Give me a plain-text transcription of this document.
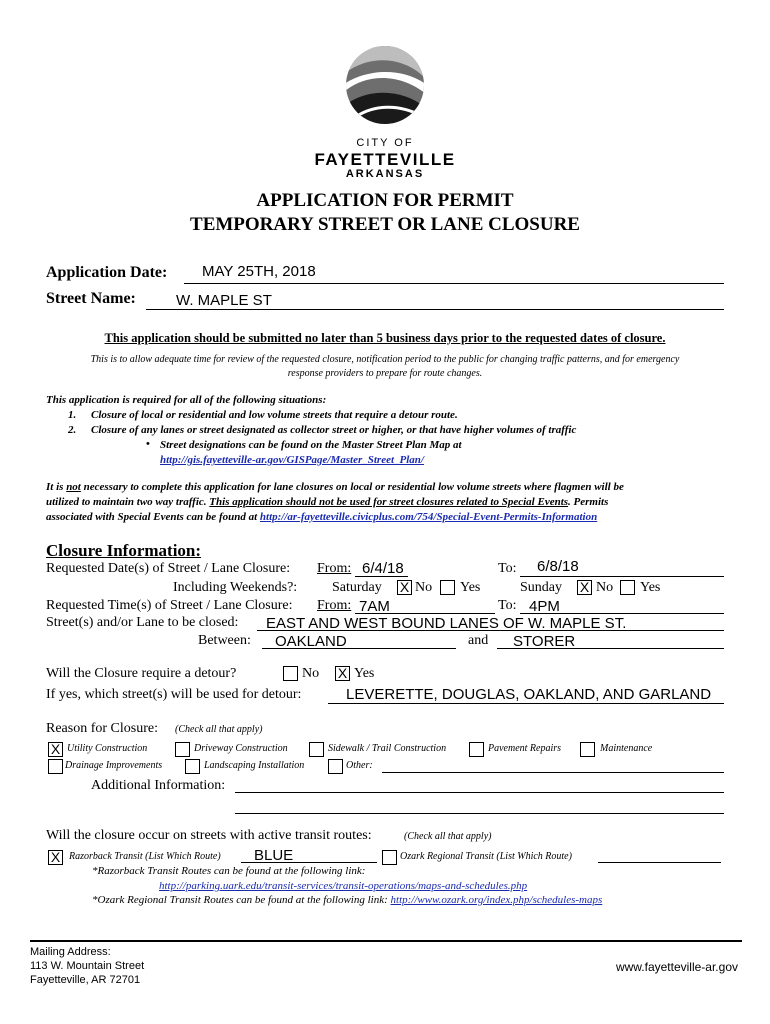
CITY OF
FAYETTEVILLE
ARKANSAS
APPLICATION FOR PERMIT
TEMPORARY STREET OR LANE CLOSURE
Application Date: MAY 25TH, 2018
Street Name:	W. MAPLE ST
This application should be submitted no later than 5 business days prior to the requested dates of closure.
This is to allow adequate time for review of the requested closure, notification period to the public for changing traffic patterns, and for emergency
response providers to prepare for route changes.
This application is required for all of the following situations:
1. Closure of local or residential and low volume streets that require a detour route.
2. Closure of any lanes or street designated as collector street or higher, or that have higher volumes of traffic
• Street designations can be found on the Master Street Plan Map at
http://gis.fayetteville-ar.gov/GISPage/Master_Street_Plan/
It is not necessary to complete this application for lane closures on local or residential low volume streets where flagmen will be
utilized to maintain two way traffic. This application should not be used for street closures related to Special Events. Permits
associated with Special Events can be found at http://ar-fayetteville.civicplus.com/754/Special-Event-Permits-Information
Closure Information:
Requested Date(s) of Street / Lane Closure: From: 6/4/18	To: 6/8/18
Including Weekends?: Saturday X No Yes	Sunday X No Yes
Requested Time(s) of Street / Lane Closure: From: 7AM	To: 4PM
Street(s) and/or Lane to be closed: EAST AND WEST BOUND LANES OF W. MAPLE ST.
Between: OAKLAND	and STORER
Will the Closure require a detour?	No X Yes
If yes, which street(s) will be used for detour:	LEVERETTE, DOUGLAS, OAKLAND, AND GARLAND
Reason for Closure: (Check all that apply)
X Utility Construction	Driveway Construction	Sidewalk / Trail Construction	Pavement Repairs	Maintenance
Drainage Improvements	Landscaping Installation	Other:
Additional Information:
Will the closure occur on streets with active transit routes:	(Check all that apply)
X Razorback Transit (List Which Route) BLUE	Ozark Regional Transit (List Which Route)
*Razorback Transit Routes can be found at the following link:
http://parking.uark.edu/transit-services/transit-operations/maps-and-schedules.php
*Ozark Regional Transit Routes can be found at the following link: http://www.ozark.org/index.php/schedules-maps
Mailing Address:
113 W. Mountain Street
Fayetteville, AR 72701
www.fayetteville-ar.gov
